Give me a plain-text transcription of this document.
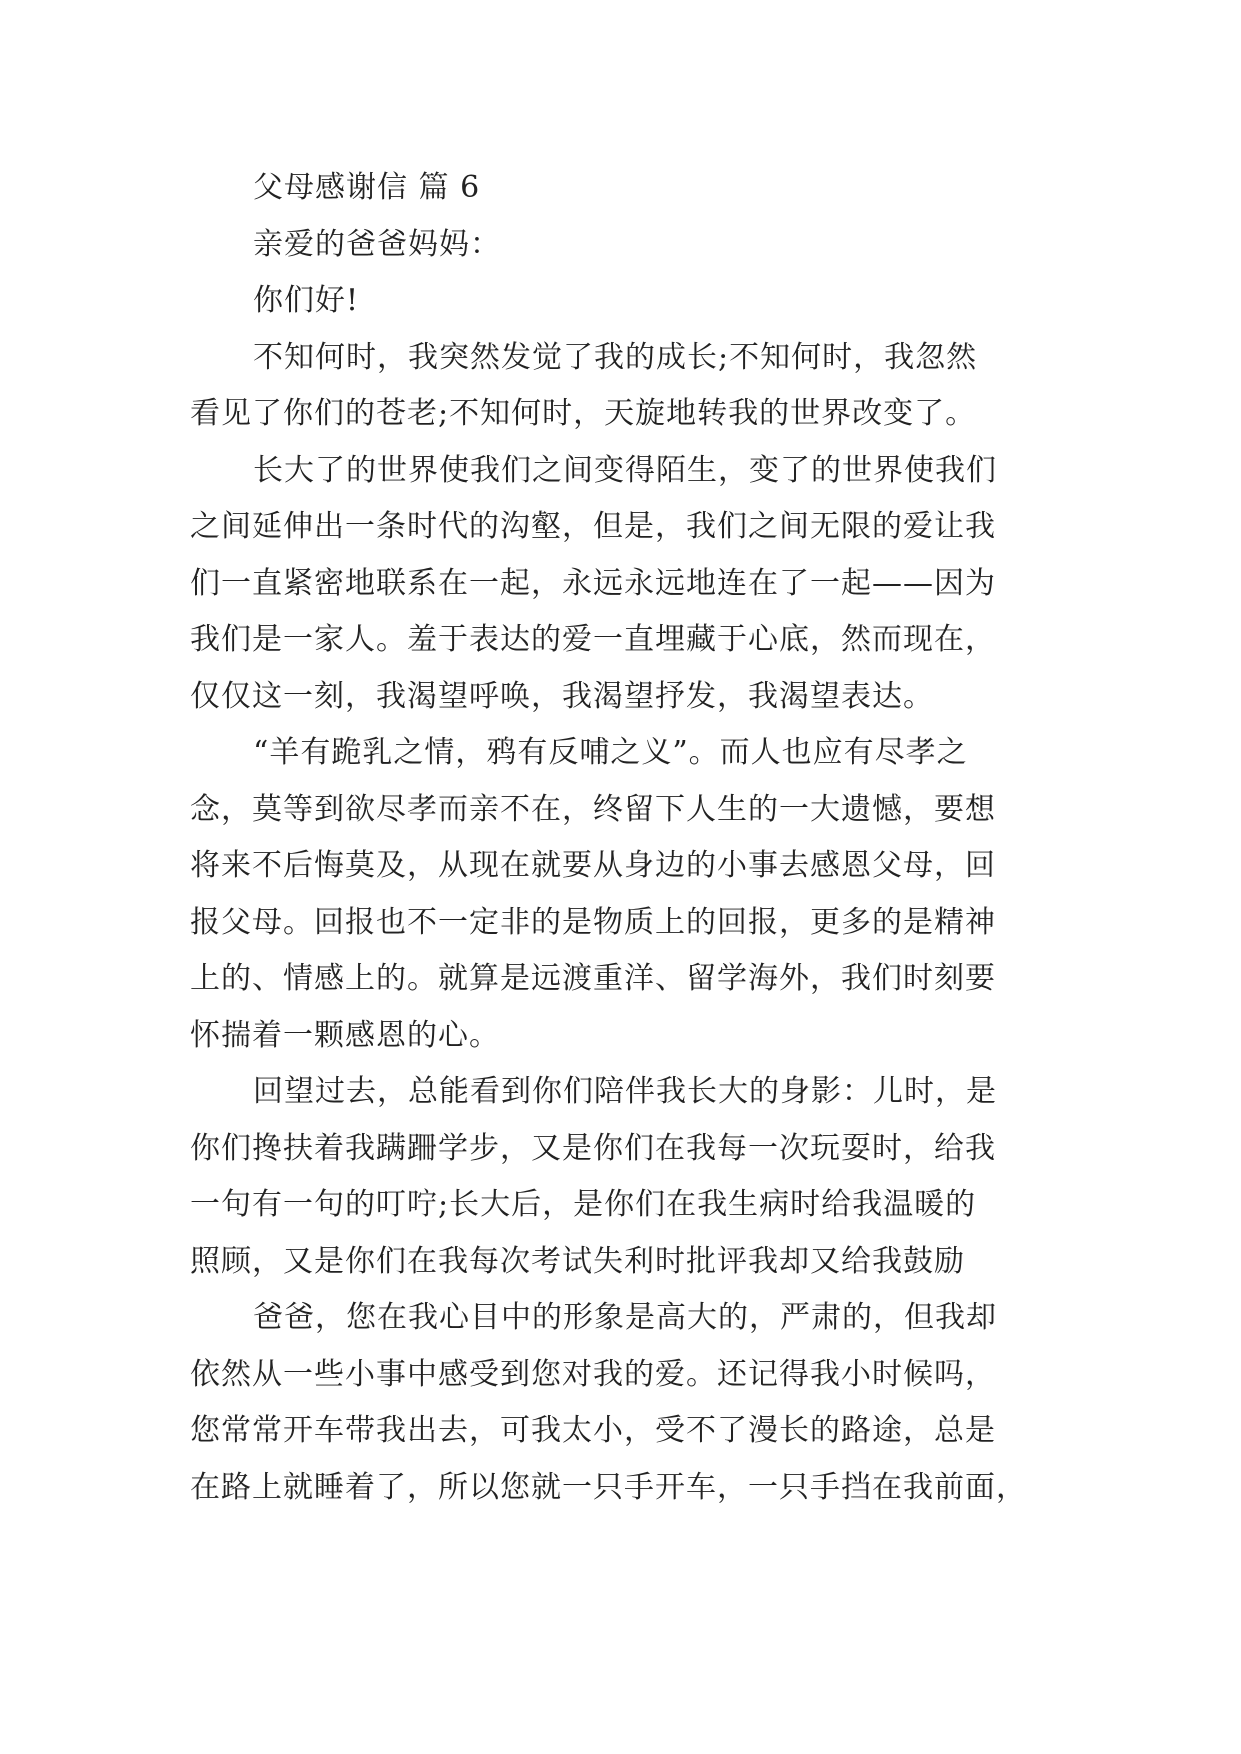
父母感谢信 篇 6
亲爱的爸爸妈妈：
你们好!
不知何时，我突然发觉了我的成长;不知何时，我忽然
看见了你们的苍老;不知何时，天旋地转我的世界改变了。
长大了的世界使我们之间变得陌生，变了的世界使我们
之间延伸出一条时代的沟壑，但是，我们之间无限的爱让我
们一直紧密地联系在一起，永远永远地连在了一起——因为
我们是一家人。羞于表达的爱一直埋藏于心底，然而现在，
仅仅这一刻，我渴望呼唤，我渴望抒发，我渴望表达。
“羊有跪乳之情，鸦有反哺之义”。而人也应有尽孝之
念，莫等到欲尽孝而亲不在，终留下人生的一大遗憾，要想
将来不后悔莫及，从现在就要从身边的小事去感恩父母，回
报父母。回报也不一定非的是物质上的回报，更多的是精神
上的、情感上的。就算是远渡重洋、留学海外，我们时刻要
怀揣着一颗感恩的心。
回望过去，总能看到你们陪伴我长大的身影：儿时，是
你们搀扶着我蹒跚学步，又是你们在我每一次玩耍时，给我
一句有一句的叮咛;长大后，是你们在我生病时给我温暖的
照顾，又是你们在我每次考试失利时批评我却又给我鼓励
爸爸，您在我心目中的形象是高大的，严肃的，但我却
依然从一些小事中感受到您对我的爱。还记得我小时候吗，
您常常开车带我出去，可我太小，受不了漫长的路途，总是
在路上就睡着了，所以您就一只手开车，一只手挡在我前面，
